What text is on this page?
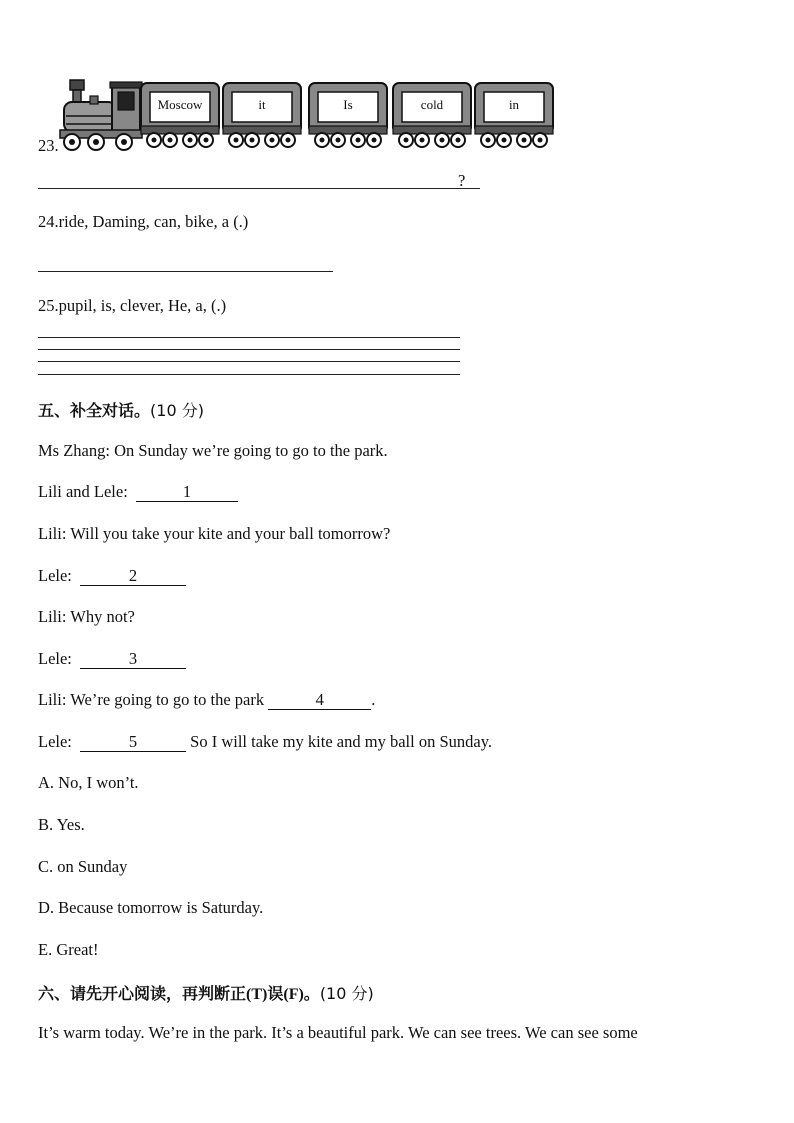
Moscow	it	Is	cold	in
23.
?
24.ride, Daming, can, bike, a (.)
25.pupil, is, clever, He, a, (.)
五、补全对话。(10 分)
Ms Zhang: On Sunday we’re going to go to the park.
Lili and Lele:	1
Lili: Will you take your kite and your ball tomorrow?
Lele:	2
Lili: Why not?
Lele:	3
Lili: We’re going to go to the park	4	.
Lele:	5	So I will take my kite and my ball on Sunday.
A. No, I won’t.
B. Yes.
C. on Sunday
D. Because tomorrow is Saturday.
E. Great!
六、请先开心阅读，再判断正(T)误(F)。(10 分)
It’s warm today. We’re in the park. It’s a beautiful park. We can see trees. We can see some
